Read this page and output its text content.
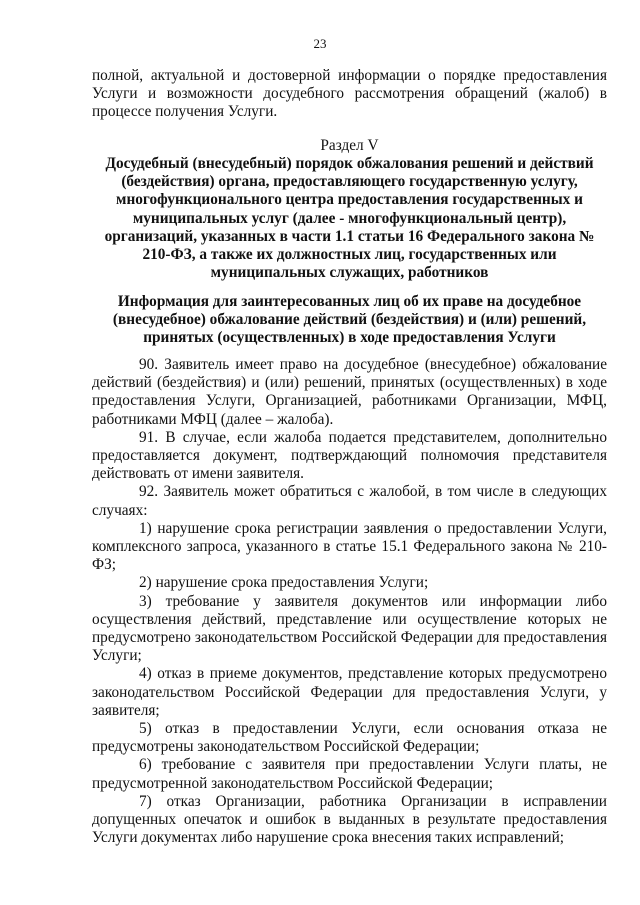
23

полной, актуальной и достоверной информации о порядке предоставления Услуги и возможности досудебного рассмотрения обращений (жалоб) в процессе получения Услуги.

Раздел V
Досудебный (внесудебный) порядок обжалования решений и действий (бездействия) органа, предоставляющего государственную услугу, многофункционального центра предоставления государственных и муниципальных услуг (далее - многофункциональный центр), организаций, указанных в части 1.1 статьи 16 Федерального закона № 210-ФЗ, а также их должностных лиц, государственных или муниципальных служащих, работников
Информация для заинтересованных лиц об их праве на досудебное (внесудебное) обжалование действий (бездействия) и (или) решений, принятых (осуществленных) в ходе предоставления Услуги

90. Заявитель имеет право на досудебное (внесудебное) обжалование действий (бездействия) и (или) решений, принятых (осуществленных) в ходе предоставления Услуги, Организацией, работниками Организации, МФЦ, работниками МФЦ (далее – жалоба).

91. В случае, если жалоба подается представителем, дополнительно предоставляется документ, подтверждающий полномочия представителя действовать от имени заявителя.

92. Заявитель может обратиться с жалобой, в том числе в следующих случаях:

1) нарушение срока регистрации заявления о предоставлении Услуги, комплексного запроса, указанного в статье 15.1 Федерального закона № 210-ФЗ;

2) нарушение срока предоставления Услуги;

3) требование у заявителя документов или информации либо осуществления действий, представление или осуществление которых не предусмотрено законодательством Российской Федерации для предоставления Услуги;

4) отказ в приеме документов, представление которых предусмотрено законодательством Российской Федерации для предоставления Услуги, у заявителя;

5) отказ в предоставлении Услуги, если основания отказа не предусмотрены законодательством Российской Федерации;

6) требование с заявителя при предоставлении Услуги платы, не предусмотренной законодательством Российской Федерации;

7) отказ Организации, работника Организации в исправлении допущенных опечаток и ошибок в выданных в результате предоставления Услуги документах либо нарушение срока внесения таких исправлений;
